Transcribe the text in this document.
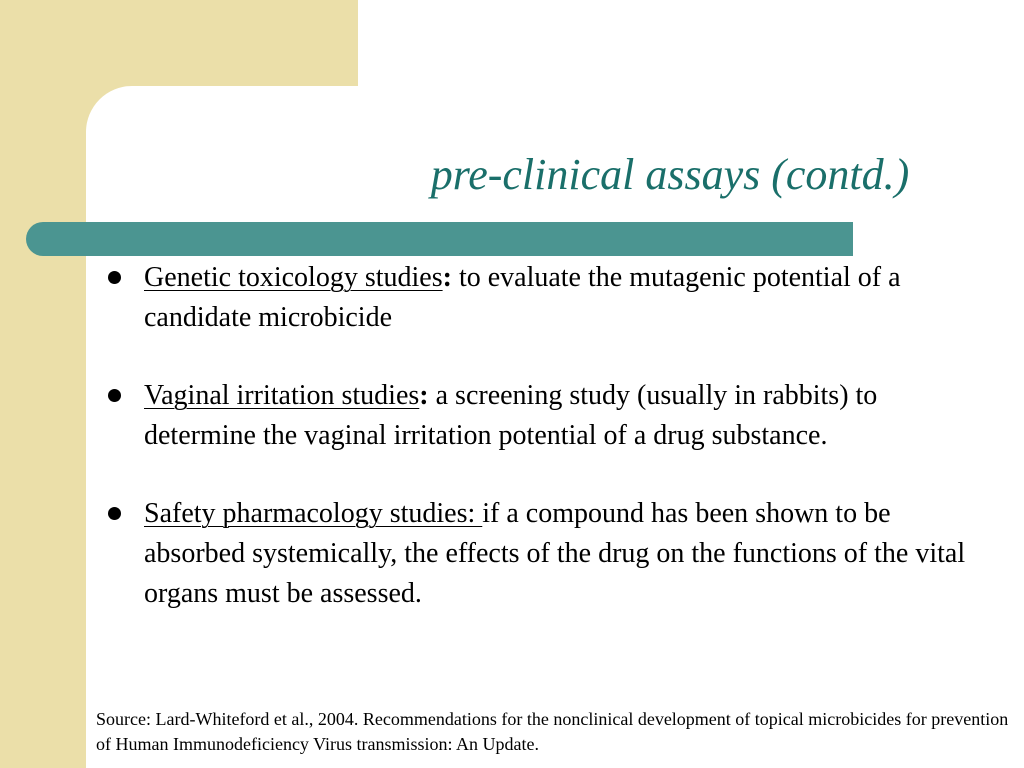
pre-clinical assays (contd.)
Genetic toxicology studies: to evaluate the mutagenic potential of a candidate microbicide
Vaginal irritation studies: a screening study (usually in rabbits) to determine the vaginal irritation potential of a drug substance.
Safety pharmacology studies: if a compound has been shown to be absorbed systemically, the effects of the drug on the functions of the vital organs must be assessed.

Source: Lard-Whiteford et al., 2004. Recommendations for the nonclinical development of topical microbicides for prevention of Human Immunodeficiency Virus transmission: An Update.
